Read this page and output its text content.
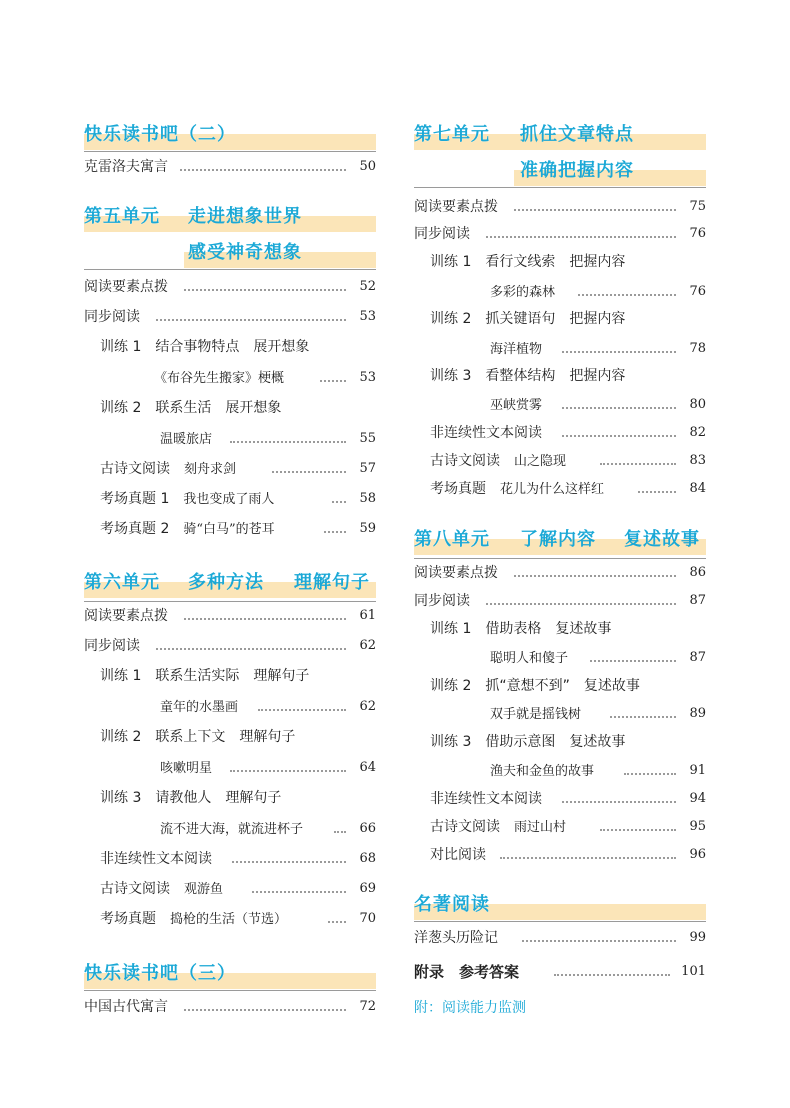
快乐读书吧（二）
克雷洛夫寓言	50
第五单元 走进想象世界
感受神奇想象
阅读要素点拨	52
同步阅读	53
训练 1　结合事物特点　展开想象
《布谷先生搬家》梗概	53
训练 2　联系生活　展开想象
温暖旅店	55
古诗文阅读 刻舟求剑	57
考场真题 1 我也变成了雨人	58
考场真题 2 骑“白马”的苍耳	59
第六单元 多种方法 理解句子
阅读要素点拨	61
同步阅读	62
训练 1　联系生活实际　理解句子
童年的水墨画	62
训练 2　联系上下文　理解句子
咳嗽明星	64
训练 3　请教他人　理解句子
流不进大海，就流进杯子	66
非连续性文本阅读	68
古诗文阅读 观游鱼	69
考场真题 捣枪的生活（节选）	70
快乐读书吧（三）
中国古代寓言	72
第七单元 抓住文章特点
准确把握内容
阅读要素点拨	75
同步阅读	76
训练 1　看行文线索　把握内容
多彩的森林	76
训练 2　抓关键语句　把握内容
海洋植物	78
训练 3　看整体结构　把握内容
巫峡赏雾	80
非连续性文本阅读	82
古诗文阅读 山之隐现	83
考场真题 花儿为什么这样红	84
第八单元 了解内容 复述故事
阅读要素点拨	86
同步阅读	87
训练 1　借助表格　复述故事
聪明人和傻子	87
训练 2　抓“意想不到”　复述故事
双手就是摇钱树	89
训练 3　借助示意图　复述故事
渔夫和金鱼的故事	91
非连续性文本阅读	94
古诗文阅读 雨过山村	95
对比阅读	96
名著阅读
洋葱头历险记	99
附录　参考答案	101
附：阅读能力监测
